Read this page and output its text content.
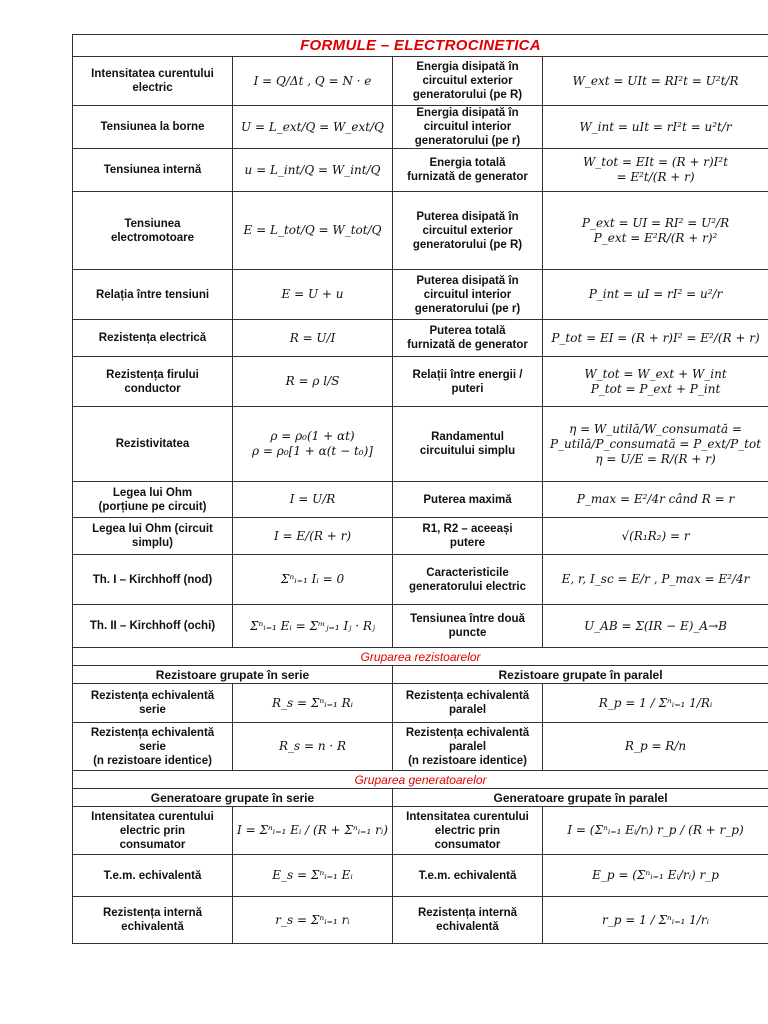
FORMULE – ELECTROCINETICA			
Intensitatea curentului
electric	I = Q/Δt , Q = N · e	Energia disipată în
circuitul exterior
generatorului (pe R)	W_ext = UIt = RI²t = U²t/R
Tensiunea la borne	U = L_ext/Q = W_ext/Q	Energia disipată în
circuitul interior
generatorului (pe r)	W_int = uIt = rI²t = u²t/r
Tensiunea internă	u = L_int/Q = W_int/Q	Energia totală
furnizată de generator	W_tot = EIt = (R + r)I²t
= E²t/(R + r)
Tensiunea
electromotoare	E = L_tot/Q = W_tot/Q	Puterea disipată în
circuitul exterior
generatorului (pe R)	P_ext = UI = RI² = U²/R
P_ext = E²R/(R + r)²
Relația între tensiuni	E = U + u	Puterea disipată în
circuitul interior
generatorului (pe r)	P_int = uI = rI² = u²/r
Rezistența electrică	R = U/I	Puterea totală
furnizată de generator	P_tot = EI = (R + r)I² = E²/(R + r)
Rezistența firului
conductor	R = ρ l/S	Relații între energii /
puteri	W_tot = W_ext + W_int
P_tot = P_ext + P_int
Rezistivitatea	ρ = ρ₀(1 + αt)
ρ = ρ₀[1 + α(t − t₀)]	Randamentul
circuitului simplu	η = W_utilă/W_consumată = P_utilă/P_consumată = P_ext/P_tot
η = U/E = R/(R + r)
Legea lui Ohm
(porțiune pe circuit)	I = U/R	Puterea maximă	P_max = E²/4r când R = r
Legea lui Ohm (circuit
simplu)	I = E/(R + r)	R1, R2 – aceeași
putere	√(R₁R₂) = r
Th. I – Kirchhoff (nod)	Σⁿᵢ₌₁ Iᵢ = 0	Caracteristicile
generatorului electric	E, r, I_sc = E/r , P_max = E²/4r
Th. II – Kirchhoff (ochi)	Σⁿᵢ₌₁ Eᵢ = Σᵐⱼ₌₁ Iⱼ · Rⱼ	Tensiunea între două
puncte	U_AB = Σ(IR − E)_A→B
Gruparea rezistoarelor			
Rezistoare grupate în serie		Rezistoare grupate în paralel	
Rezistența echivalentă
serie	R_s = Σⁿᵢ₌₁ Rᵢ	Rezistența echivalentă
paralel	R_p = 1 / Σⁿᵢ₌₁ 1/Rᵢ
Rezistența echivalentă
serie
(n rezistoare identice)	R_s = n · R	Rezistența echivalentă
paralel
(n rezistoare identice)	R_p = R/n
Gruparea generatoarelor			
Generatoare grupate în serie		Generatoare grupate în paralel	
Intensitatea curentului
electric prin
consumator	I = Σⁿᵢ₌₁ Eᵢ / (R + Σⁿᵢ₌₁ rᵢ)	Intensitatea curentului
electric prin
consumator	I = (Σⁿᵢ₌₁ Eᵢ/rᵢ) r_p / (R + r_p)
T.e.m. echivalentă	E_s = Σⁿᵢ₌₁ Eᵢ	T.e.m. echivalentă	E_p = (Σⁿᵢ₌₁ Eᵢ/rᵢ) r_p
Rezistența internă
echivalentă	r_s = Σⁿᵢ₌₁ rᵢ	Rezistența internă
echivalentă	r_p = 1 / Σⁿᵢ₌₁ 1/rᵢ
